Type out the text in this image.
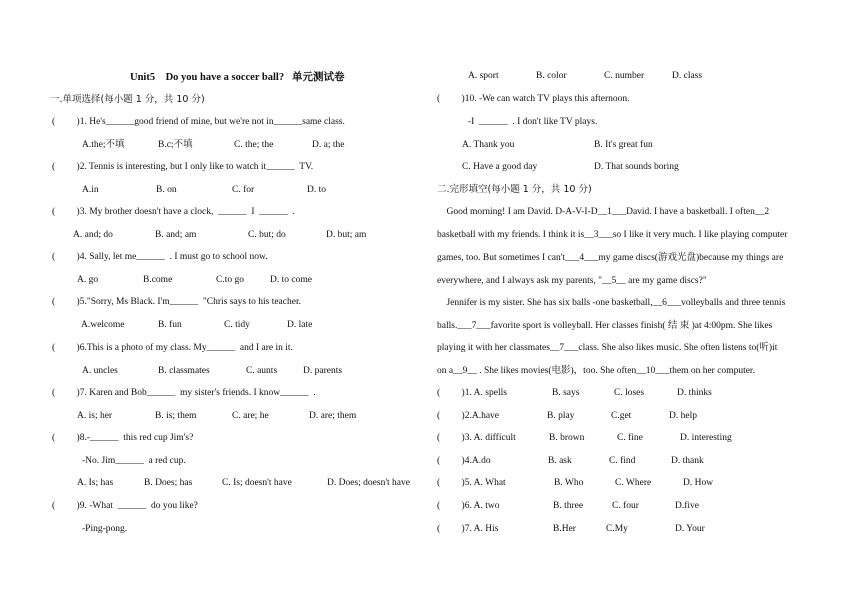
Unit5    Do you have a soccer ball?   单元测试卷
一.单项选择(每小题 1 分，共 10 分)
(         )1. He's______good friend of mine, but we're not in______same class.
A.the;不填	B.c;不填	C. the; the	D. a; the
(         )2. Tennis is interesting, but I only like to watch it______  TV.
A.in	B. on	C. for	D. to
(         )3. My brother doesn't have a clock,  ______  I  ______  .
A. and; do	B. and; am	C. but; do	D. but; am
(         )4. Sally, let me______  . I must go to school now.
A. go	B.come	C.to go	D. to come
(         )5."Sorry, Ms Black. I'm______  "Chris says to his teacher.
A.welcome	B. fun	C. tidy	D. late
(         )6.This is a photo of my class. My______  and I are in it.
A. uncles	B. classmates	C. aunts	D. parents
(         )7. Karen and Bob______  my sister's friends. I know______  .
A. is; her	B. is; them	C. are; he	D. are; them
(         )8.-______  this red cup Jim's?
-No. Jim______  a red cup.
A. Is; has	B. Does; has	C. Is; doesn't have	D. Does; doesn't have
(         )9. -What  ______  do you like?
-Ping-pong.
A. sport	B. color	C. number	D. class
(         )10. -We can watch TV plays this afternoon.
-I  ______  . I don't like TV plays.
A. Thank you	B. It's great fun
C. Have a good day	D. That sounds boring
二.完形填空(每小题 1 分，共 10 分)
Good morning! I am David. D-A-V-I-D__1___David. I have a basketball. I often__2
basketball with my friends. I think it is__3___so I like it very much. I like playing computer
games, too. But sometimes I can't___4___my game discs(游戏光盘)because my things are
everywhere, and I always ask my parents, "__5__ are my game discs?"
Jennifer is my sister. She has six balls -one basketball,__6___volleyballs and three tennis
balls.___7___favorite sport is volleyball. Her classes finish( 结 束 )at 4:00pm. She likes
playing it with her classmates__7___class. She also likes music. She often listens to(听)it
on a__9__ . She likes movies(电影)，too. She often__10___them on her computer.
(         )1. A. spells	B. says	C. loses	D. thinks
(         )2.A.have	B. play	C.get	D. help
(         )3. A. difficult	B. brown	C. fine	D. interesting
(         )4.A.do	B. ask	C. find	D. thank
(         )5. A. What	B. Who	C. Where	D. How
(         )6. A. two	B. three	C. four	D.five
(         )7. A. His	B.Her	C.My	D. Your
